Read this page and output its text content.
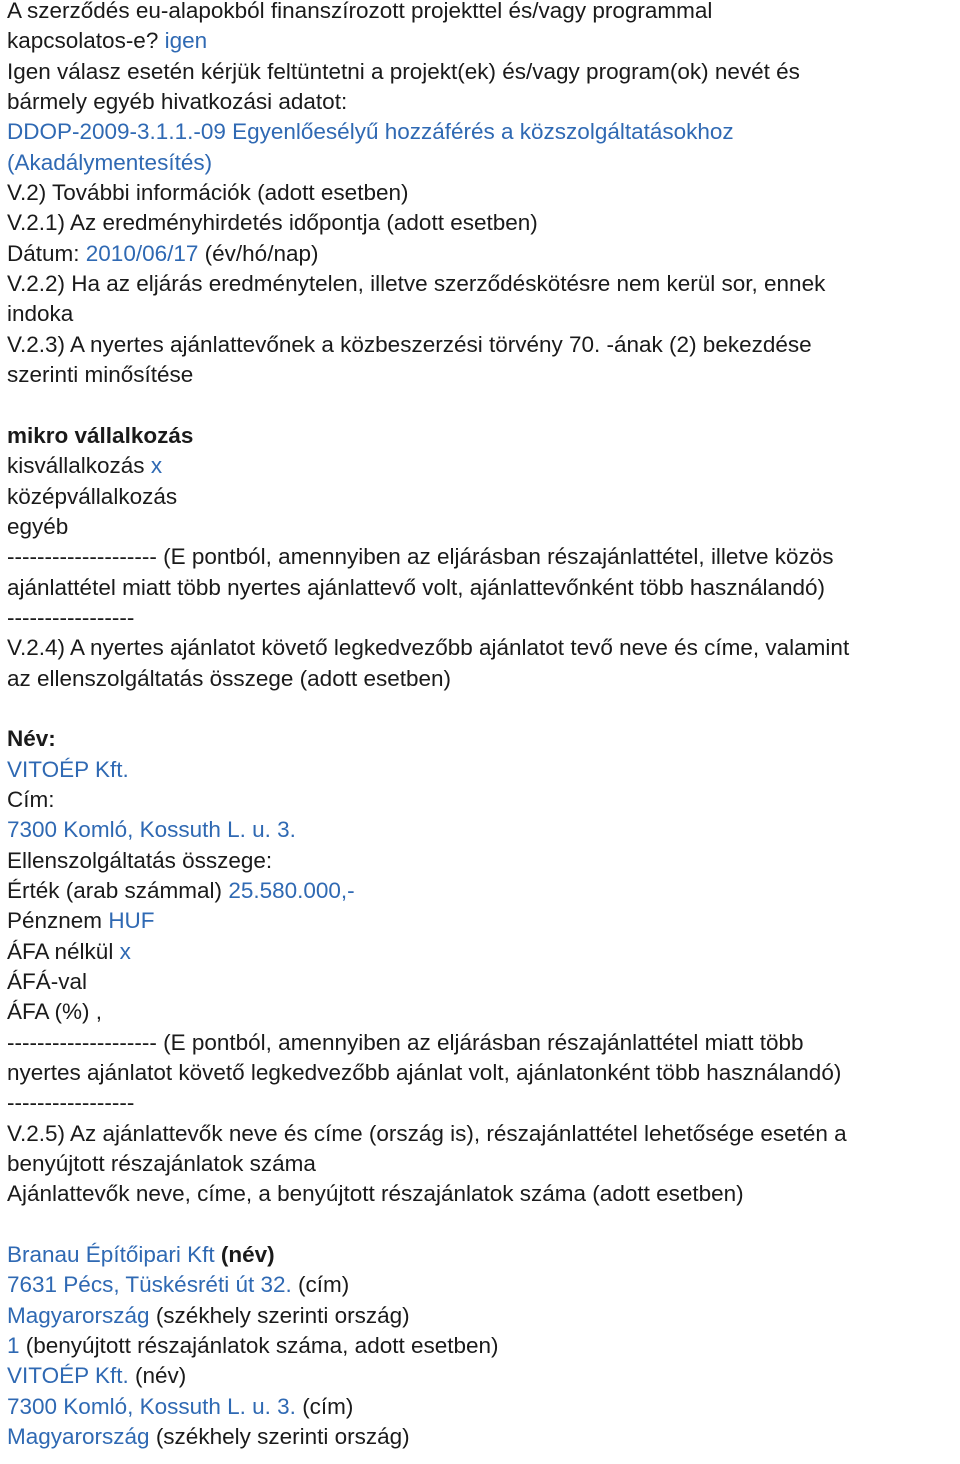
A szerződés eu-alapokból finanszírozott projekttel és/vagy programmal
kapcsolatos-e? igen
Igen válasz esetén kérjük feltüntetni a projekt(ek) és/vagy program(ok) nevét és
bármely egyéb hivatkozási adatot:
DDOP-2009-3.1.1.-09 Egyenlőesélyű hozzáférés a közszolgáltatásokhoz
(Akadálymentesítés)
V.2) További információk (adott esetben)
V.2.1) Az eredményhirdetés időpontja (adott esetben)
Dátum: 2010/06/17 (év/hó/nap)
V.2.2) Ha az eljárás eredménytelen, illetve szerződéskötésre nem kerül sor, ennek
indoka
V.2.3) A nyertes ajánlattevőnek a közbeszerzési törvény 70. -ának (2) bekezdése
szerinti minősítése
mikro vállalkozás
kisvállalkozás x
középvállalkozás
egyéb
-------------------- (E pontból, amennyiben az eljárásban részajánlattétel, illetve közös
ajánlattétel miatt több nyertes ajánlattevő volt, ajánlattevőnként több használandó)
-----------------
V.2.4) A nyertes ajánlatot követő legkedvezőbb ajánlatot tevő neve és címe, valamint
az ellenszolgáltatás összege (adott esetben)
Név:
VITOÉP Kft.
Cím:
7300 Komló, Kossuth L. u. 3.
Ellenszolgáltatás összege:
Érték (arab számmal) 25.580.000,-
Pénznem HUF
ÁFA nélkül x
ÁFÁ-val
ÁFA (%) ,
-------------------- (E pontból, amennyiben az eljárásban részajánlattétel miatt több
nyertes ajánlatot követő legkedvezőbb ajánlat volt, ajánlatonként több használandó)
-----------------
V.2.5) Az ajánlattevők neve és címe (ország is), részajánlattétel lehetősége esetén a
benyújtott részajánlatok száma
Ajánlattevők neve, címe, a benyújtott részajánlatok száma (adott esetben)
Branau Építőipari Kft (név)
7631 Pécs, Tüskésréti út 32. (cím)
Magyarország (székhely szerinti ország)
1 (benyújtott részajánlatok száma, adott esetben)
VITOÉP Kft. (név)
7300 Komló, Kossuth L. u. 3. (cím)
Magyarország (székhely szerinti ország)
